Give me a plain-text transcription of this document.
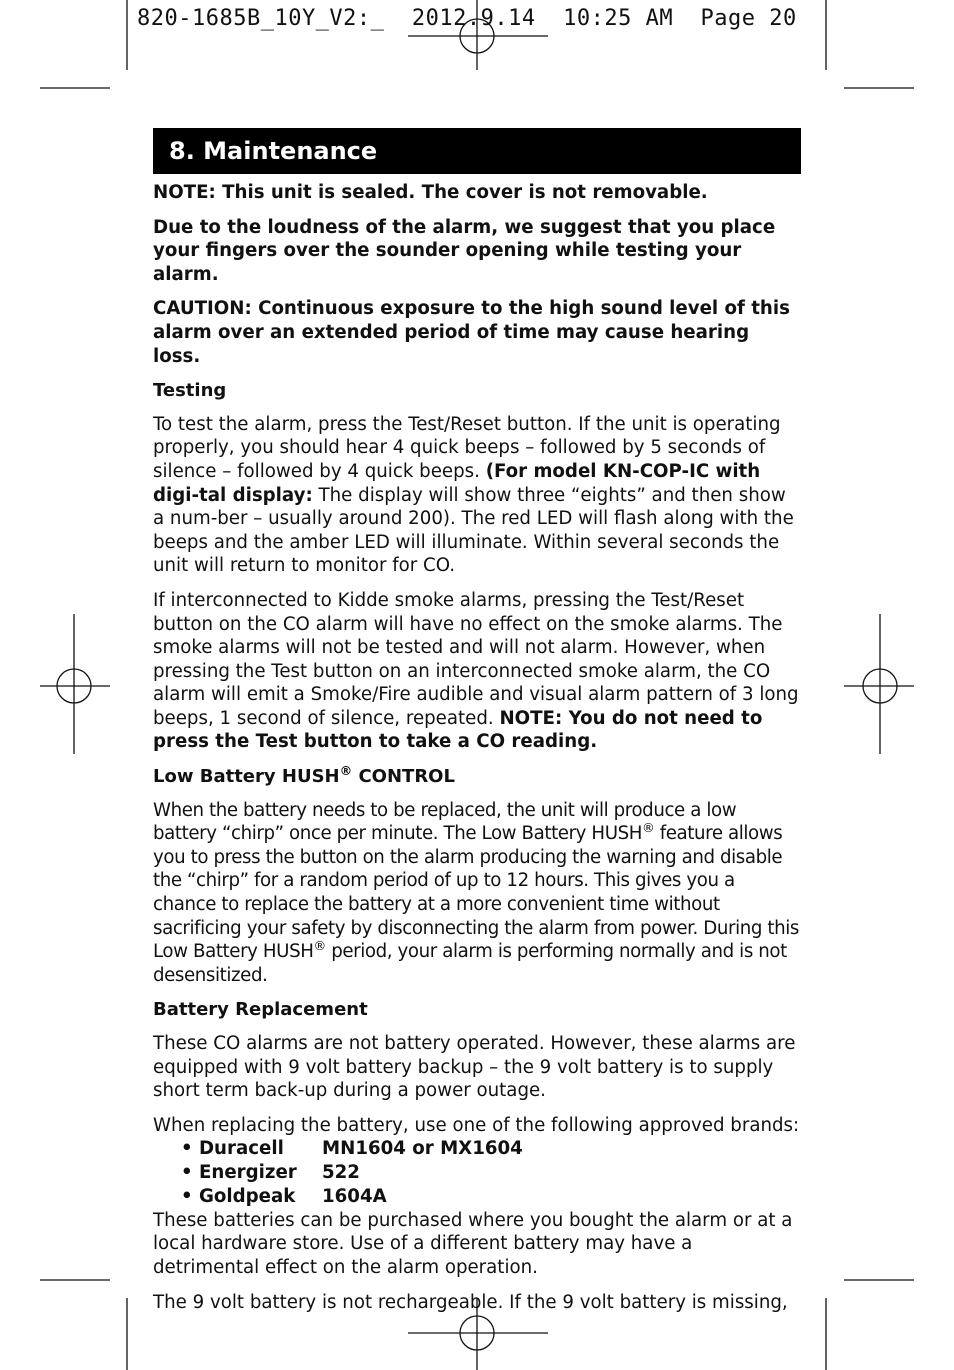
820-1685B_10Y_V2:_  2012.9.14  10:25 AM  Page 20
8. Maintenance

NOTE: This unit is sealed. The cover is not removable.

Due to the loudness of the alarm, we suggest that you place your fingers over the sounder opening while testing your alarm.

CAUTION: Continuous exposure to the high sound level of this alarm over an extended period of time may cause hearing loss.

Testing

To test the alarm, press the Test/Reset button. If the unit is operating properly, you should hear 4 quick beeps – followed by 5 seconds of silence – followed by 4 quick beeps. (For model KN-COP-IC with digi-tal display: The display will show three “eights” and then show a num-ber – usually around 200). The red LED will flash along with the beeps and the amber LED will illuminate. Within several seconds the unit will return to monitor for CO.

If interconnected to Kidde smoke alarms, pressing the Test/Reset button on the CO alarm will have no effect on the smoke alarms. The smoke alarms will not be tested and will not alarm. However, when pressing the Test button on an interconnected smoke alarm, the CO alarm will emit a Smoke/Fire audible and visual alarm pattern of 3 long beeps, 1 second of silence, repeated. NOTE: You do not need to press the Test button to take a CO reading.

Low Battery HUSH® CONTROL

When the battery needs to be replaced, the unit will produce a low battery “chirp” once per minute. The Low Battery HUSH® feature allows you to press the button on the alarm producing the warning and disable the “chirp” for a random period of up to 12 hours. This gives you a chance to replace the battery at a more convenient time without sacrificing your safety by disconnecting the alarm from power. During this Low Battery HUSH® period, your alarm is performing normally and is not desensitized.

Battery Replacement

These CO alarms are not battery operated. However, these alarms are equipped with 9 volt battery backup – the 9 volt battery is to supply short term back-up during a power outage.

When replacing the battery, use one of the following approved brands:

• Duracell	MN1604 or MX1604
• Energizer	522
• Goldpeak	1604A

These batteries can be purchased where you bought the alarm or at a local hardware store. Use of a different battery may have a detrimental effect on the alarm operation.

The 9 volt battery is not rechargeable. If the 9 volt battery is missing,
